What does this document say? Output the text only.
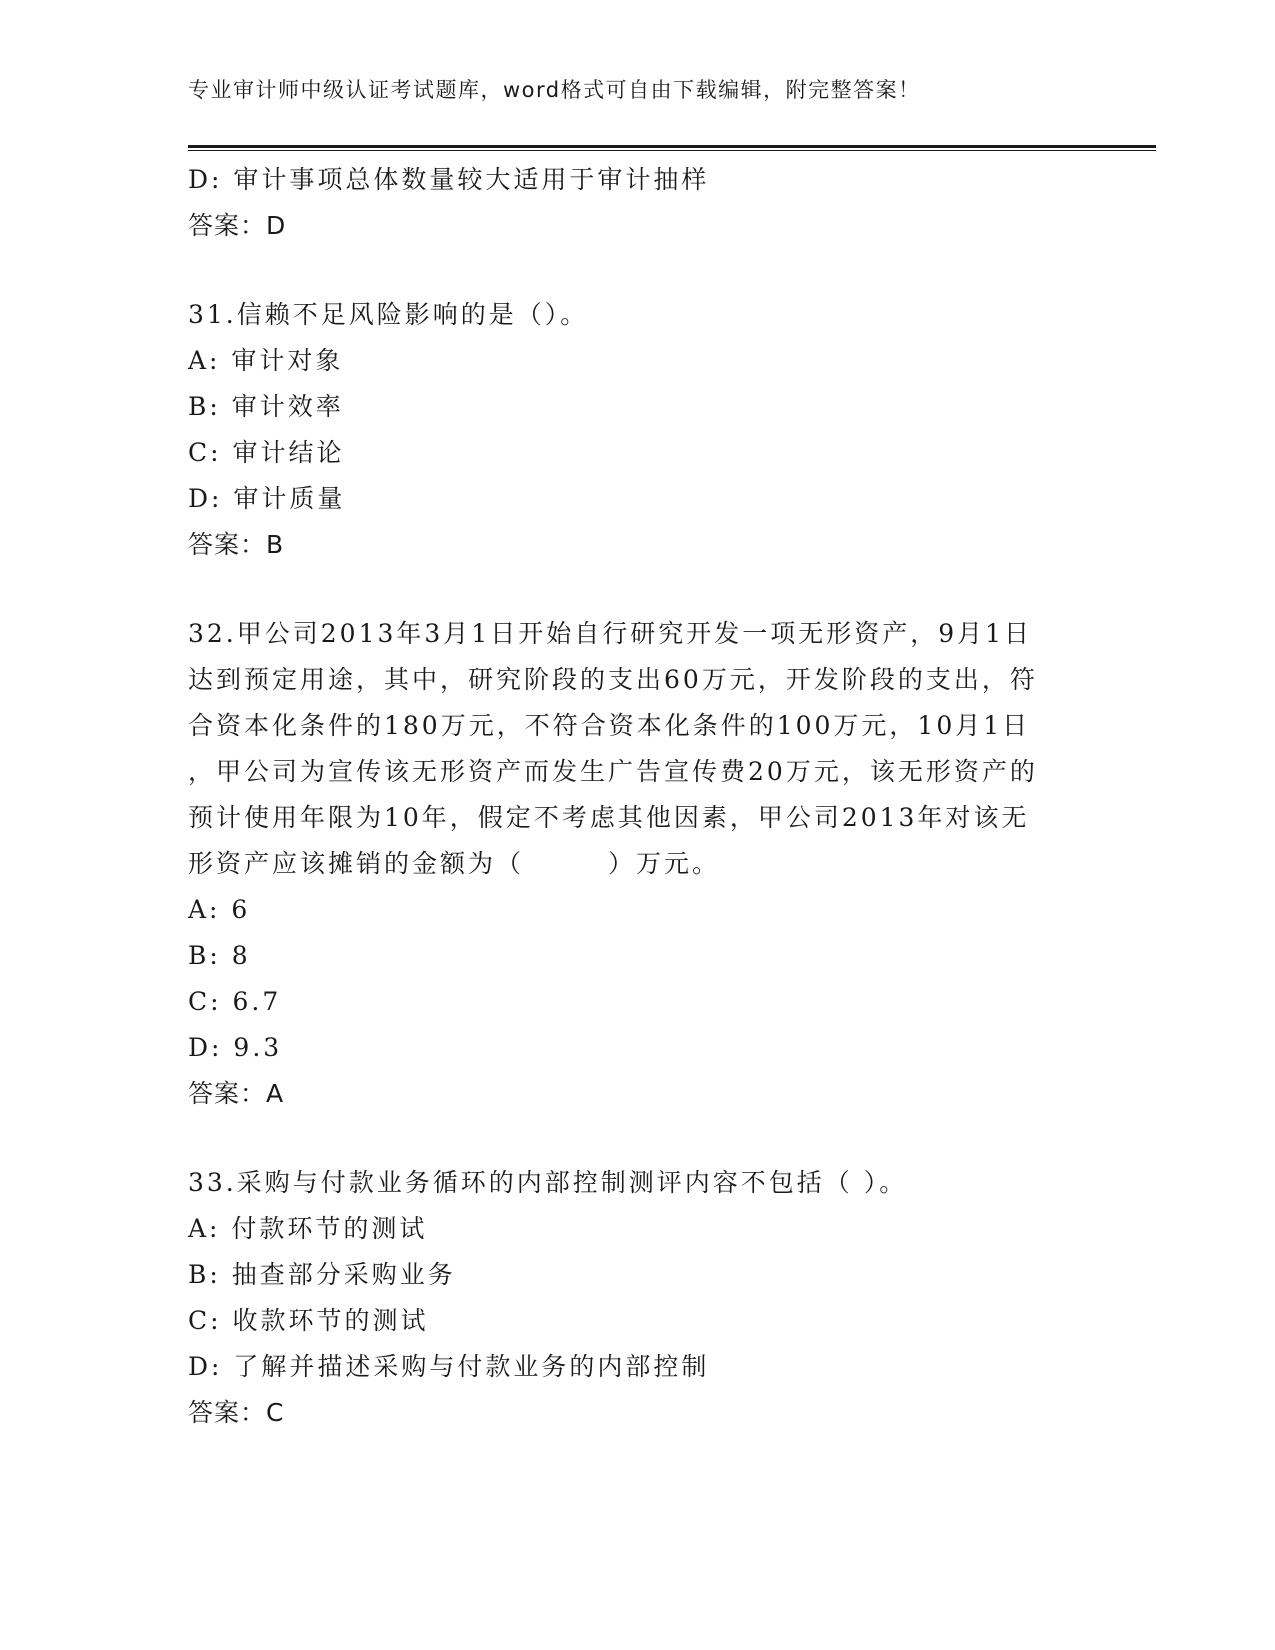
专业审计师中级认证考试题库，word格式可自由下载编辑，附完整答案！
D: 审计事项总体数量较大适用于审计抽样
答案：D
31.信赖不足风险影响的是（）。
A: 审计对象
B: 审计效率
C: 审计结论
D: 审计质量
答案：B
32.甲公司2013年3月1日开始自行研究开发一项无形资产，9月1日
达到预定用途，其中，研究阶段的支出60万元，开发阶段的支出，符
合资本化条件的180万元，不符合资本化条件的100万元，10月1日
，甲公司为宣传该无形资产而发生广告宣传费20万元，该无形资产的
预计使用年限为10年，假定不考虑其他因素，甲公司2013年对该无
形资产应该摊销的金额为（　　　）万元。
A: 6
B: 8
C: 6.7
D: 9.3
答案：A
33.采购与付款业务循环的内部控制测评内容不包括（ ）。
A: 付款环节的测试
B: 抽查部分采购业务
C: 收款环节的测试
D: 了解并描述采购与付款业务的内部控制
答案：C
